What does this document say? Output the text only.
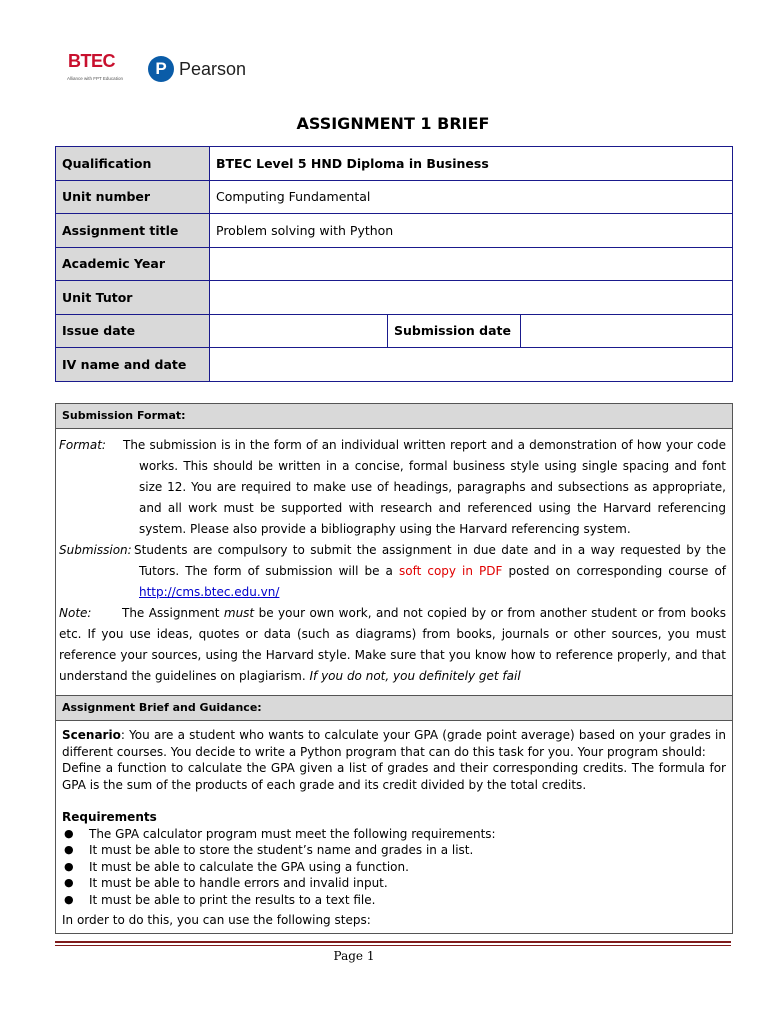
BTEC
Alliance with FPT Education
P Pearson
ASSIGNMENT 1 BRIEF
Qualification	BTEC Level 5 HND Diploma in Business		
Unit number	Computing Fundamental		
Assignment title	Problem solving with Python		
Academic Year			
Unit Tutor			
Issue date		Submission date	
IV name and date			
Submission Format:
Format:	The submission is in the form of an individual written report and a demonstration of how your code works. This should be written in a concise, formal business style using single spacing and font size 12. You are required to make use of headings, paragraphs and subsections as appropriate, and all work must be supported with research and referenced using the Harvard referencing system. Please also provide a bibliography using the Harvard referencing system.
Submission: Students are compulsory to submit the assignment in due date and in a way requested by the Tutors. The form of submission will be a soft copy in PDF posted on corresponding course of http://cms.btec.edu.vn/
Note:	The Assignment must be your own work, and not copied by or from another student or from books etc. If you use ideas, quotes or data (such as diagrams) from books, journals or other sources, you must reference your sources, using the Harvard style. Make sure that you know how to reference properly, and that understand the guidelines on plagiarism. If you do not, you definitely get fail
Assignment Brief and Guidance:
Scenario: You are a student who wants to calculate your GPA (grade point average) based on your grades in different courses. You decide to write a Python program that can do this task for you. Your program should:
Define a function to calculate the GPA given a list of grades and their corresponding credits. The formula for GPA is the sum of the products of each grade and its credit divided by the total credits.
Requirements
● The GPA calculator program must meet the following requirements:
● It must be able to store the student’s name and grades in a list.
● It must be able to calculate the GPA using a function.
● It must be able to handle errors and invalid input.
● It must be able to print the results to a text file.
In order to do this, you can use the following steps:
Page 1
